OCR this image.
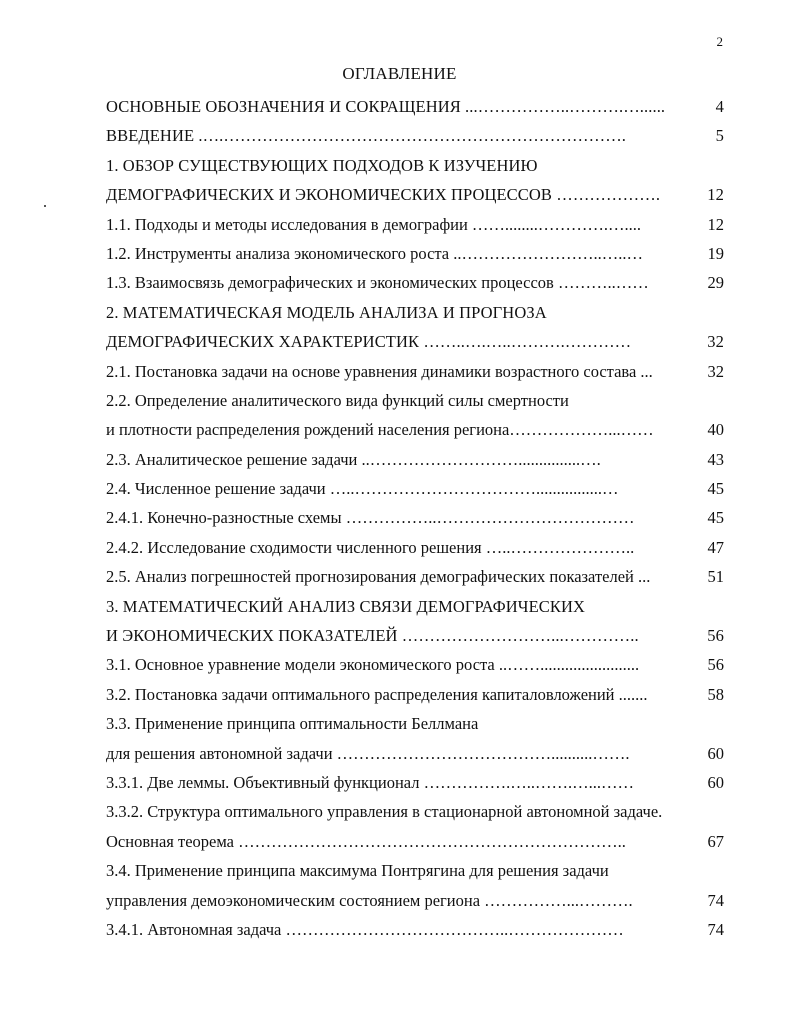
2
ОГЛАВЛЕНИЕ
ОСНОВНЫЕ ОБОЗНАЧЕНИЯ И СОКРАЩЕНИЯ ...……………..……….…......	4
ВВЕДЕНИЕ .….……………………………………………………………….	5
1. ОБЗОР СУЩЕСТВУЮЩИХ ПОДХОДОВ К ИЗУЧЕНИЮ
ДЕМОГРАФИЧЕСКИХ И ЭКОНОМИЧЕСКИХ ПРОЦЕССОВ ……………….	12
1.1. Подходы и методы исследования в демографии ……........………….…....	12
1.2. Инструменты анализа экономического роста ..……………………..…..…	19
1.3. Взаимосвязь демографических и экономических процессов ………..……	29
2. МАТЕМАТИЧЕСКАЯ МОДЕЛЬ АНАЛИЗА И ПРОГНОЗА
ДЕМОГРАФИЧЕСКИХ ХАРАКТЕРИСТИК ……..….…..……….…………	32
2.1. Постановка задачи на основе уравнения динамики возрастного состава ...	32
2.2. Определение аналитического вида функций силы смертности
и плотности распределения рождений населения региона………………...……	40
2.3. Аналитическое решение задачи ..………………………...............….	43
2.4. Численное решение задачи …..……………………………................…	45
2.4.1. Конечно-разностные схемы ……………..………………………………	45
2.4.2. Исследование сходимости численного решения …..…………………..	47
2.5. Анализ погрешностей прогнозирования демографических показателей ...	51
3. МАТЕМАТИЧЕСКИЙ АНАЛИЗ СВЯЗИ ДЕМОГРАФИЧЕСКИХ
И ЭКОНОМИЧЕСКИХ ПОКАЗАТЕЛЕЙ ………………………...…………..	56
3.1. Основное уравнение модели экономического роста ..……........................	56
3.2. Постановка задачи оптимального распределения капиталовложений .......	58
3.3. Применение принципа оптимальности Беллмана
для решения автономной задачи …………………………………..........…….	60
3.3.1. Две леммы. Объективный функционал …………….…..…….…...……	60
3.3.2. Структура оптимального управления в стационарной автономной задаче.
Основная теорема ……………………………………………………………..	67
3.4. Применение принципа максимума Понтрягина для решения задачи
управления демоэкономическим состоянием региона ……………...……….	74
3.4.1. Автономная задача …………………………………..…………………	74
